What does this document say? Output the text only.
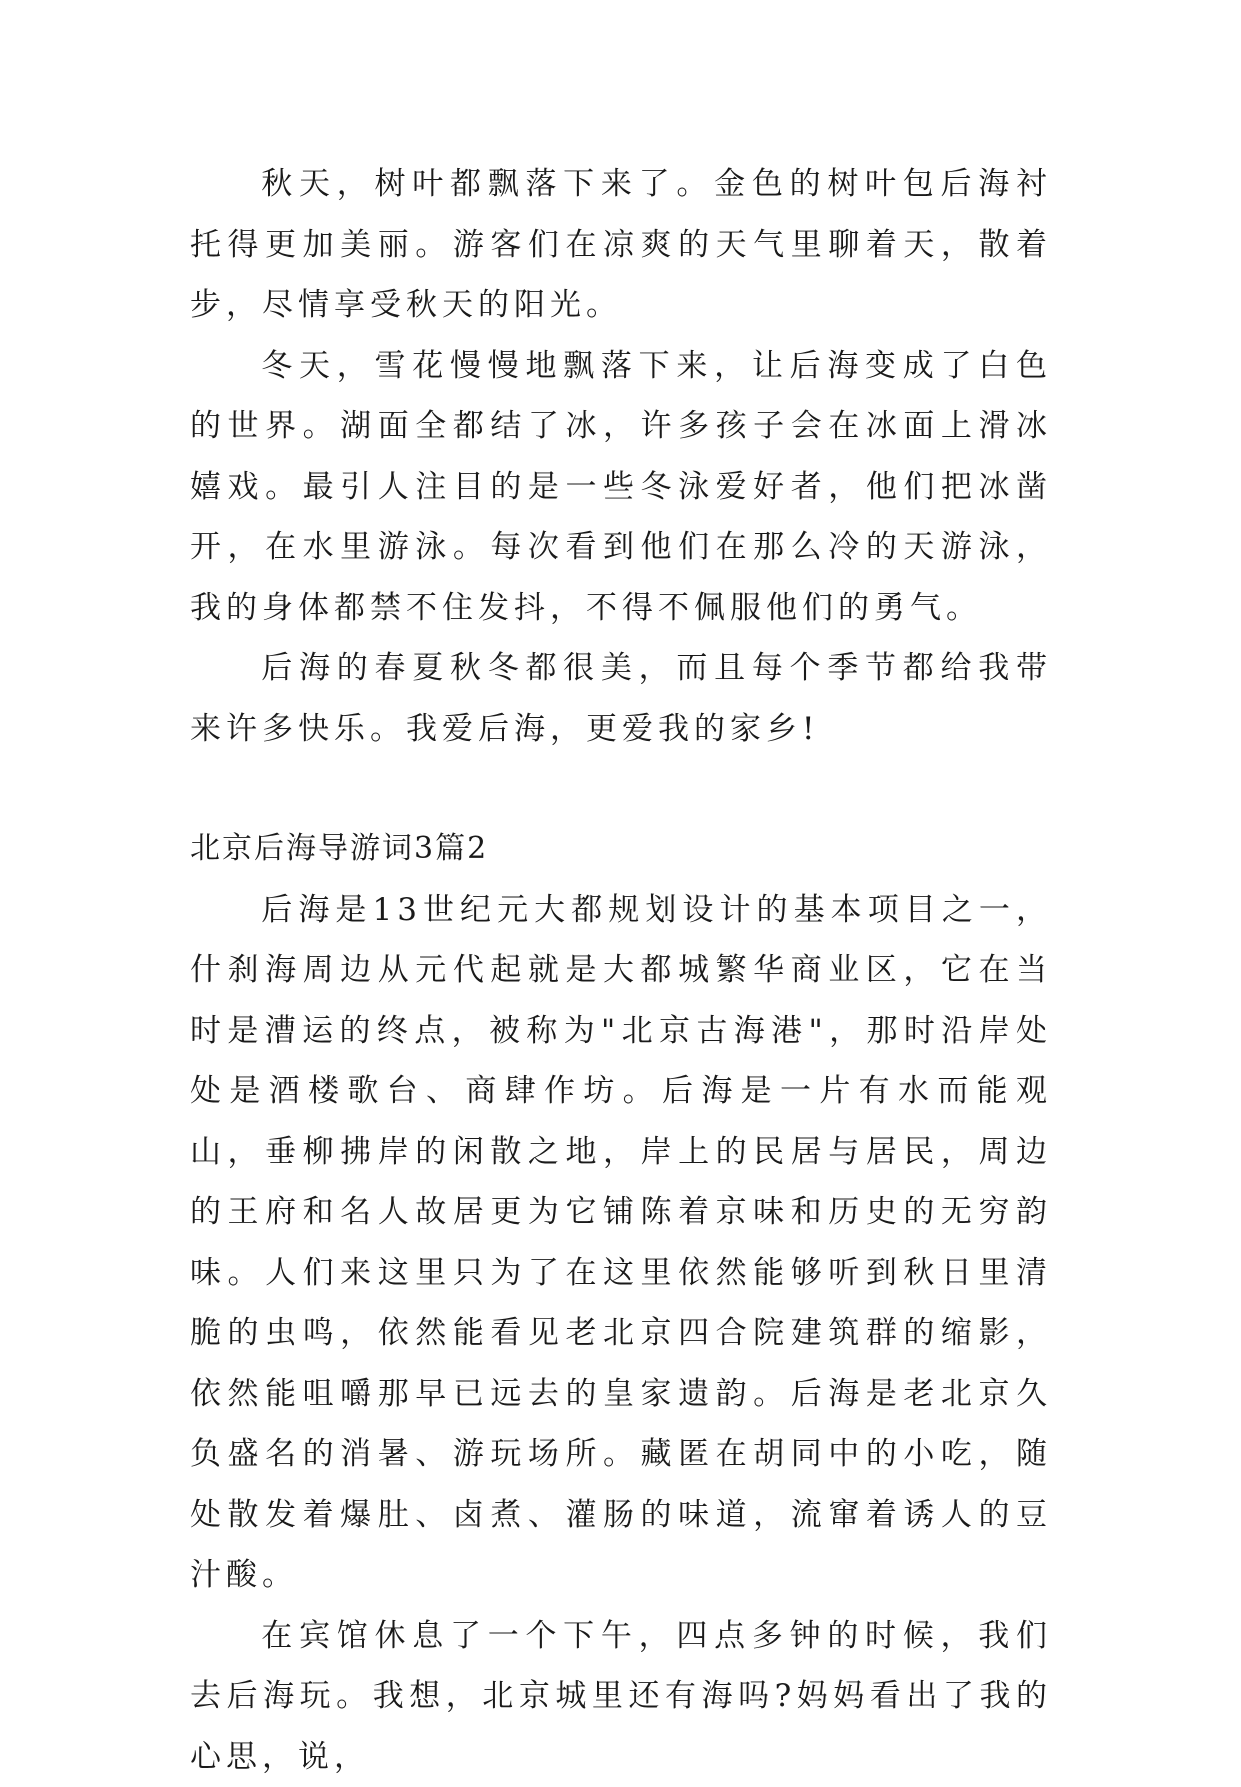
秋天，树叶都飘落下来了。金色的树叶包后海衬托得更加美丽。游客们在凉爽的天气里聊着天，散着步，尽情享受秋天的阳光。

冬天，雪花慢慢地飘落下来，让后海变成了白色的世界。湖面全都结了冰，许多孩子会在冰面上滑冰嬉戏。最引人注目的是一些冬泳爱好者，他们把冰凿开，在水里游泳。每次看到他们在那么冷的天游泳，我的身体都禁不住发抖，不得不佩服他们的勇气。

后海的春夏秋冬都很美，而且每个季节都给我带来许多快乐。我爱后海，更爱我的家乡!

北京后海导游词3篇2

后海是13世纪元大都规划设计的基本项目之一，什刹海周边从元代起就是大都城繁华商业区，它在当时是漕运的终点，被称为"北京古海港"，那时沿岸处处是酒楼歌台、商肆作坊。后海是一片有水而能观山，垂柳拂岸的闲散之地，岸上的民居与居民，周边的王府和名人故居更为它铺陈着京味和历史的无穷韵味。人们来这里只为了在这里依然能够听到秋日里清脆的虫鸣，依然能看见老北京四合院建筑群的缩影，依然能咀嚼那早已远去的皇家遗韵。后海是老北京久负盛名的消暑、游玩场所。藏匿在胡同中的小吃，随处散发着爆肚、卤煮、灌肠的味道，流窜着诱人的豆汁酸。

在宾馆休息了一个下午，四点多钟的时候，我们去后海玩。我想，北京城里还有海吗?妈妈看出了我的心思，说，
